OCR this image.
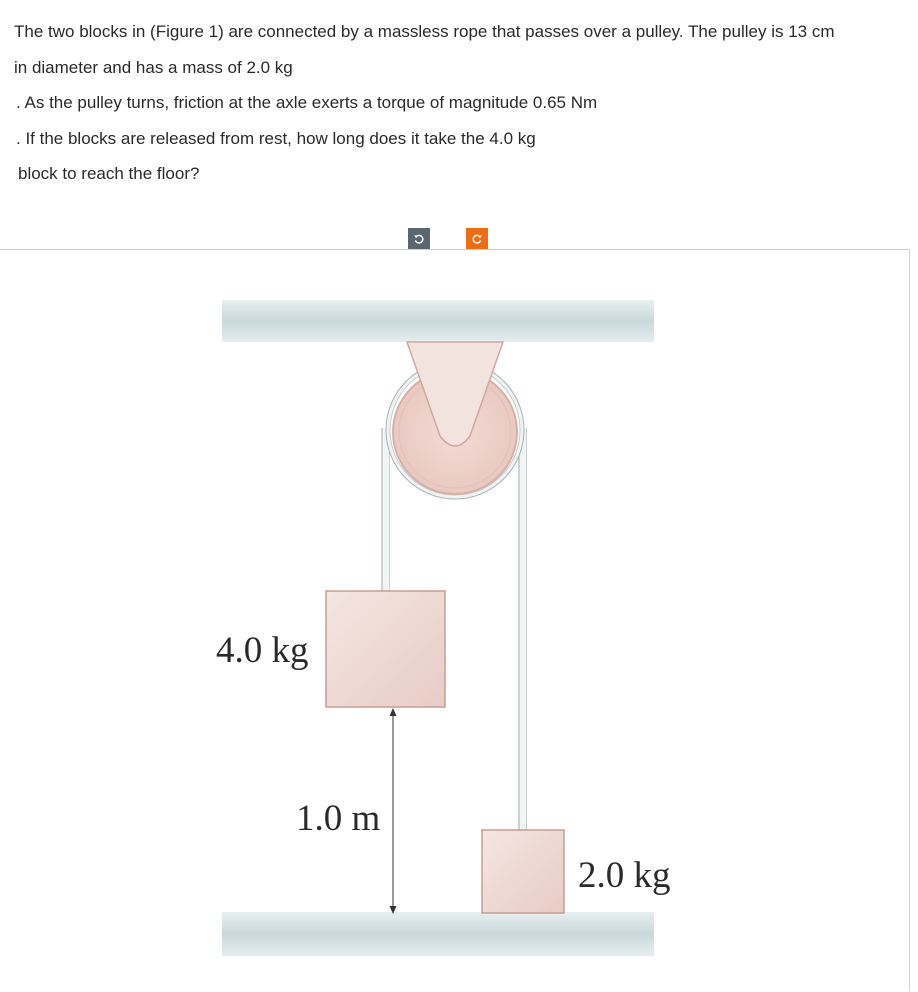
The two blocks in (Figure 1) are connected by a massless rope that passes over a pulley. The pulley is 13 cm

in diameter and has a mass of 2.0 kg

. As the pulley turns, friction at the axle exerts a torque of magnitude 0.65 Nm

. If the blocks are released from rest, how long does it take the 4.0 kg

block to reach the floor?

4.0 kg
1.0 m
2.0 kg
